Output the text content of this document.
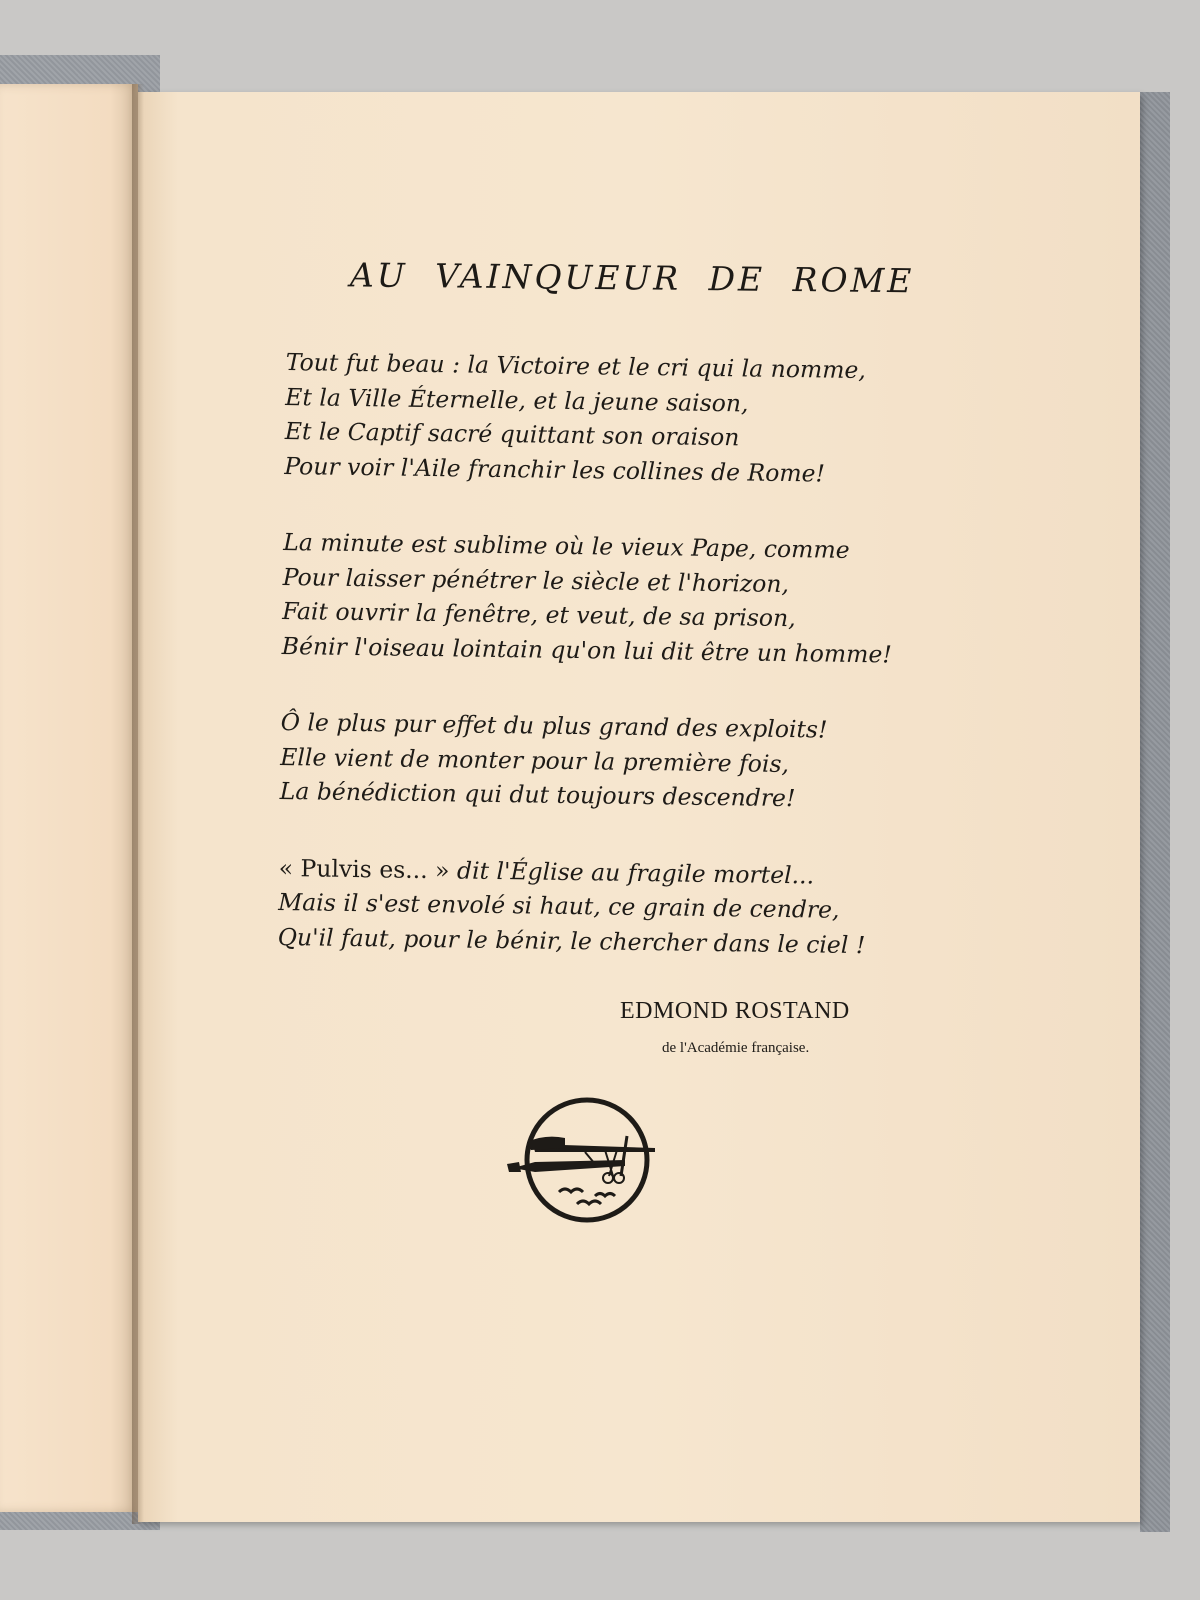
AU VAINQUEUR DE ROME
Tout fut beau : la Victoire et le cri qui la nomme,
Et la Ville Éternelle, et la jeune saison,
Et le Captif sacré quittant son oraison
Pour voir l'Aile franchir les collines de Rome!
La minute est sublime où le vieux Pape, comme
Pour laisser pénétrer le siècle et l'horizon,
Fait ouvrir la fenêtre, et veut, de sa prison,
Bénir l'oiseau lointain qu'on lui dit être un homme!
Ô le plus pur effet du plus grand des exploits!
Elle vient de monter pour la première fois,
La bénédiction qui dut toujours descendre!
« Pulvis es... » dit l'Église au fragile mortel...
Mais il s'est envolé si haut, ce grain de cendre,
Qu'il faut, pour le bénir, le chercher dans le ciel !
EDMOND ROSTAND
de l'Académie française.
